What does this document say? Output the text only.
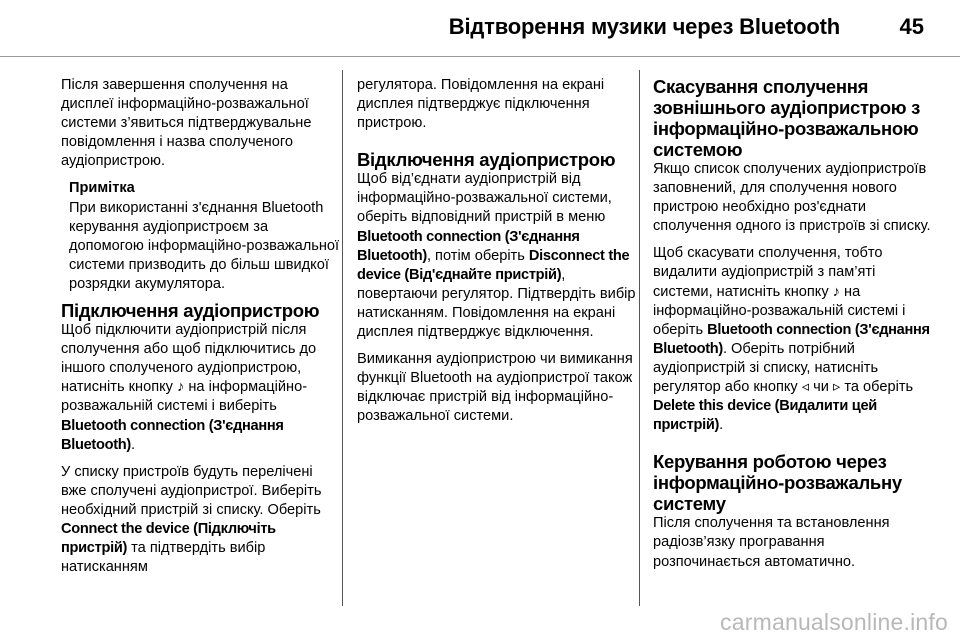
Відтворення музики через Bluetooth	45

Після завершення сполучення на дисплеї інформаційно-розважальної системи з’явиться підтверджувальне повідомлення і назва сполученого аудіопристрою.

Примітка
При використанні з'єднання Bluetooth керування аудіопристроєм за допомогою інформаційно-розважальної системи призводить до більш швидкої розрядки акумулятора.
Підключення аудіопристрою

Щоб підключити аудіопристрій після сполучення або щоб підключитись до іншого сполученого аудіопристрою, натисніть кнопку ♪ на інформаційно-розважальній системі і виберіть Bluetooth connection (З'єднання Bluetooth).

У списку пристроїв будуть перелічені вже сполучені аудіопристрої. Виберіть необхідний пристрій зі списку. Оберіть Connect the device (Підключіть пристрій) та підтвердіть вибір натисканням

регулятора. Повідомлення на екрані дисплея підтверджує підключення пристрою.

Відключення аудіопристрою

Щоб від’єднати аудіопристрій від інформаційно-розважальної системи, оберіть відповідний пристрій в меню Bluetooth connection (З'єднання Bluetooth), потім оберіть Disconnect the device (Від'єднайте пристрій), повертаючи регулятор. Підтвердіть вибір натисканням. Повідомлення на екрані дисплея підтверджує відключення.

Вимикання аудіопристрою чи вимикання функції Bluetooth на аудіопристрої також відключає пристрій від інформаційно-розважальної системи.

Скасування сполучення зовнішнього аудіопристрою з інформаційно-розважальною системою

Якщо список сполучених аудіопристроїв заповнений, для сполучення нового пристрою необхідно роз'єднати сполучення одного із пристроїв зі списку.

Щоб скасувати сполучення, тобто видалити аудіопристрій з пам’яті системи, натисніть кнопку ♪ на інформаційно-розважальній системі і оберіть Bluetooth connection (З'єднання Bluetooth). Оберіть потрібний аудіопристрій зі списку, натисніть регулятор або кнопку ◃ чи ▹ та оберіть Delete this device (Видалити цей пристрій).

Керування роботою через інформаційно-розважальну систему

Після сполучення та встановлення радіозв’язку програвання розпочинається автоматично.

carmanualsonline.info
